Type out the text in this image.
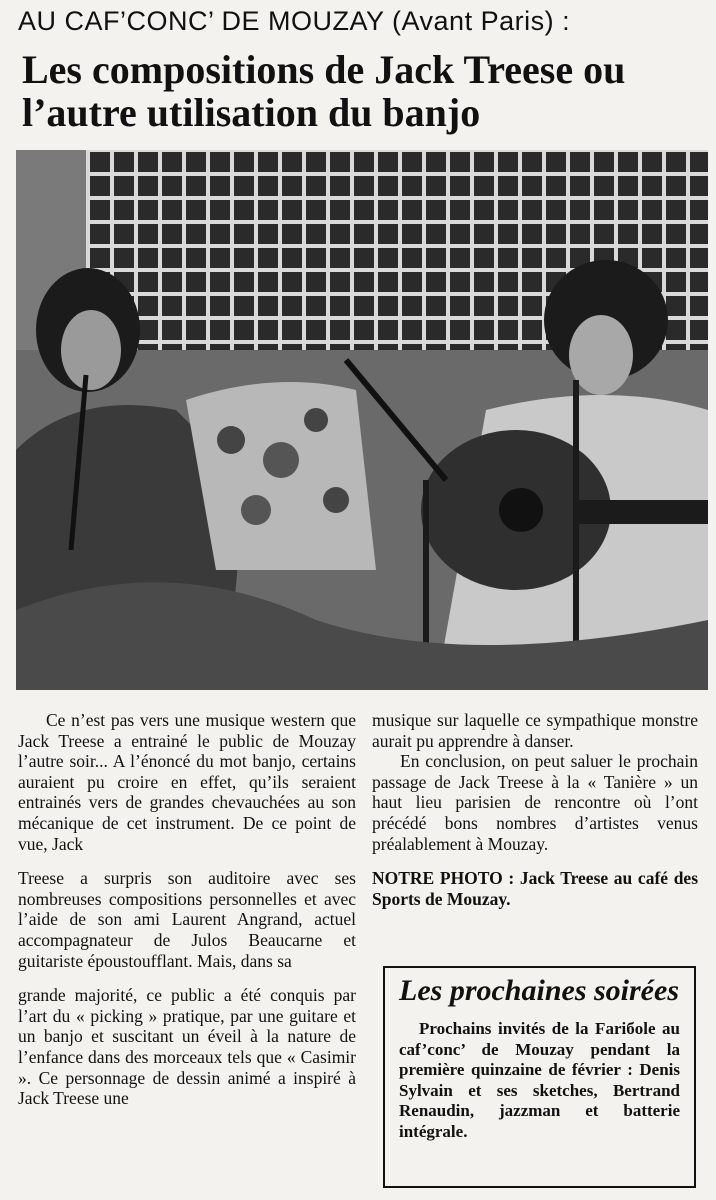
AU CAF’CONC’ DE MOUZAY (Avant Paris) :
Les compositions de Jack Treese ou l’autre utilisation du banjo

Ce n’est pas vers une musique western que Jack Treese a entrainé le public de Mouzay l’autre soir... A l’énoncé du mot banjo, certains auraient pu croire en effet, qu’ils seraient entrainés vers de grandes chevauchées au son mécanique de cet instrument. De ce point de vue, Jack

Treese a surpris son auditoire avec ses nombreuses compositions personnelles et avec l’aide de son ami Laurent Angrand, actuel accompagnateur de Julos Beaucarne et guitariste époustoufflant. Mais, dans sa

grande majorité, ce public a été conquis par l’art du « picking » pratique, par une guitare et un banjo et suscitant un éveil à la nature de l’enfance dans des morceaux tels que « Casimir ». Ce personnage de dessin animé a inspiré à Jack Treese une

musique sur laquelle ce sympathique monstre aurait pu apprendre à danser.

En conclusion, on peut saluer le prochain passage de Jack Treese à la « Tanière » un haut lieu parisien de rencontre où l’ont précédé bons nombres d’artistes venus préalablement à Mouzay.

NOTRE PHOTO : Jack Treese au café des Sports de Mouzay.

Les prochaines soirées
Prochains invités de la Fariбole au caf’conc’ de Mouzay pendant la première quinzaine de février : Denis Sylvain et ses sketches, Bertrand Renaudin, jazzman et batterie intégrale.
